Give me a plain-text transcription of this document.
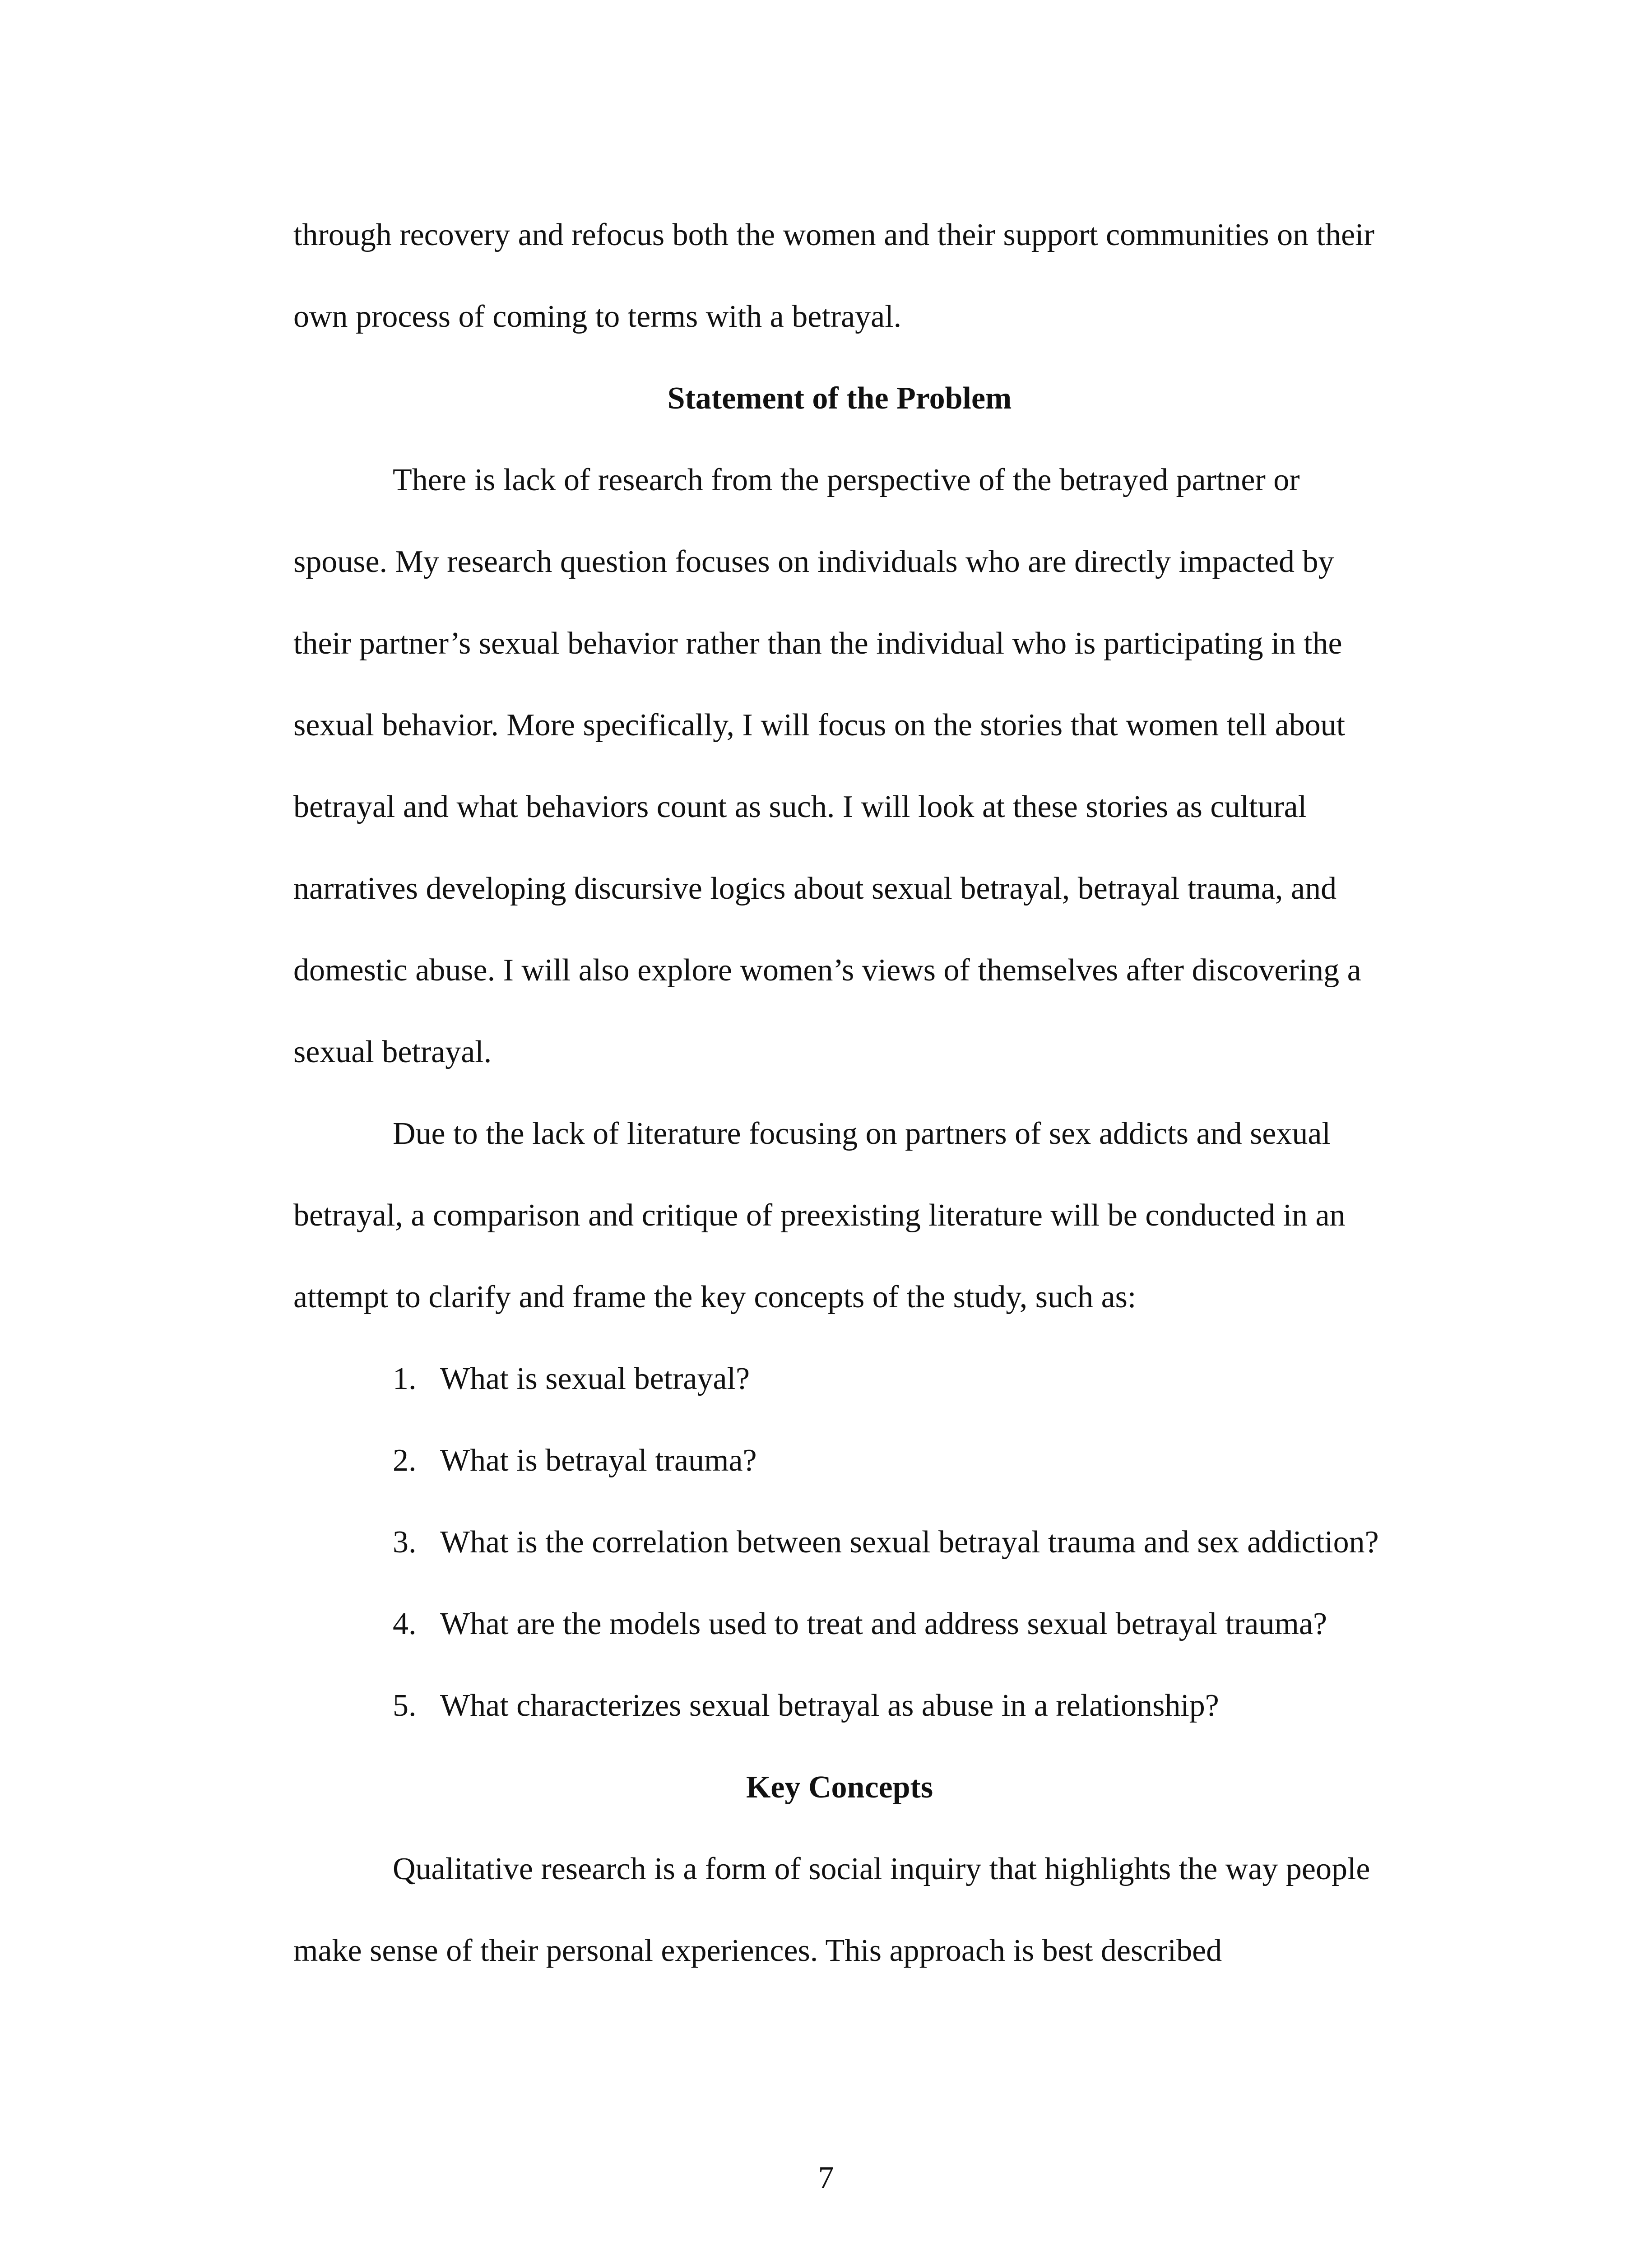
through recovery and refocus both the women and their support communities on their own process of coming to terms with a betrayal.

Statement of the Problem

There is lack of research from the perspective of the betrayed partner or spouse. My research question focuses on individuals who are directly impacted by their partner’s sexual behavior rather than the individual who is participating in the sexual behavior. More specifically, I will focus on the stories that women tell about betrayal and what behaviors count as such. I will look at these stories as cultural narratives developing discursive logics about sexual betrayal, betrayal trauma, and domestic abuse. I will also explore women’s views of themselves after discovering a sexual betrayal.

Due to the lack of literature focusing on partners of sex addicts and sexual betrayal, a comparison and critique of preexisting literature will be conducted in an attempt to clarify and frame the key concepts of the study, such as:

1. What is sexual betrayal?
2. What is betrayal trauma?
3. What is the correlation between sexual betrayal trauma and sex addiction?
4. What are the models used to treat and address sexual betrayal trauma?
5. What characterizes sexual betrayal as abuse in a relationship?
Key Concepts

Qualitative research is a form of social inquiry that highlights the way people make sense of their personal experiences. This approach is best described

7
